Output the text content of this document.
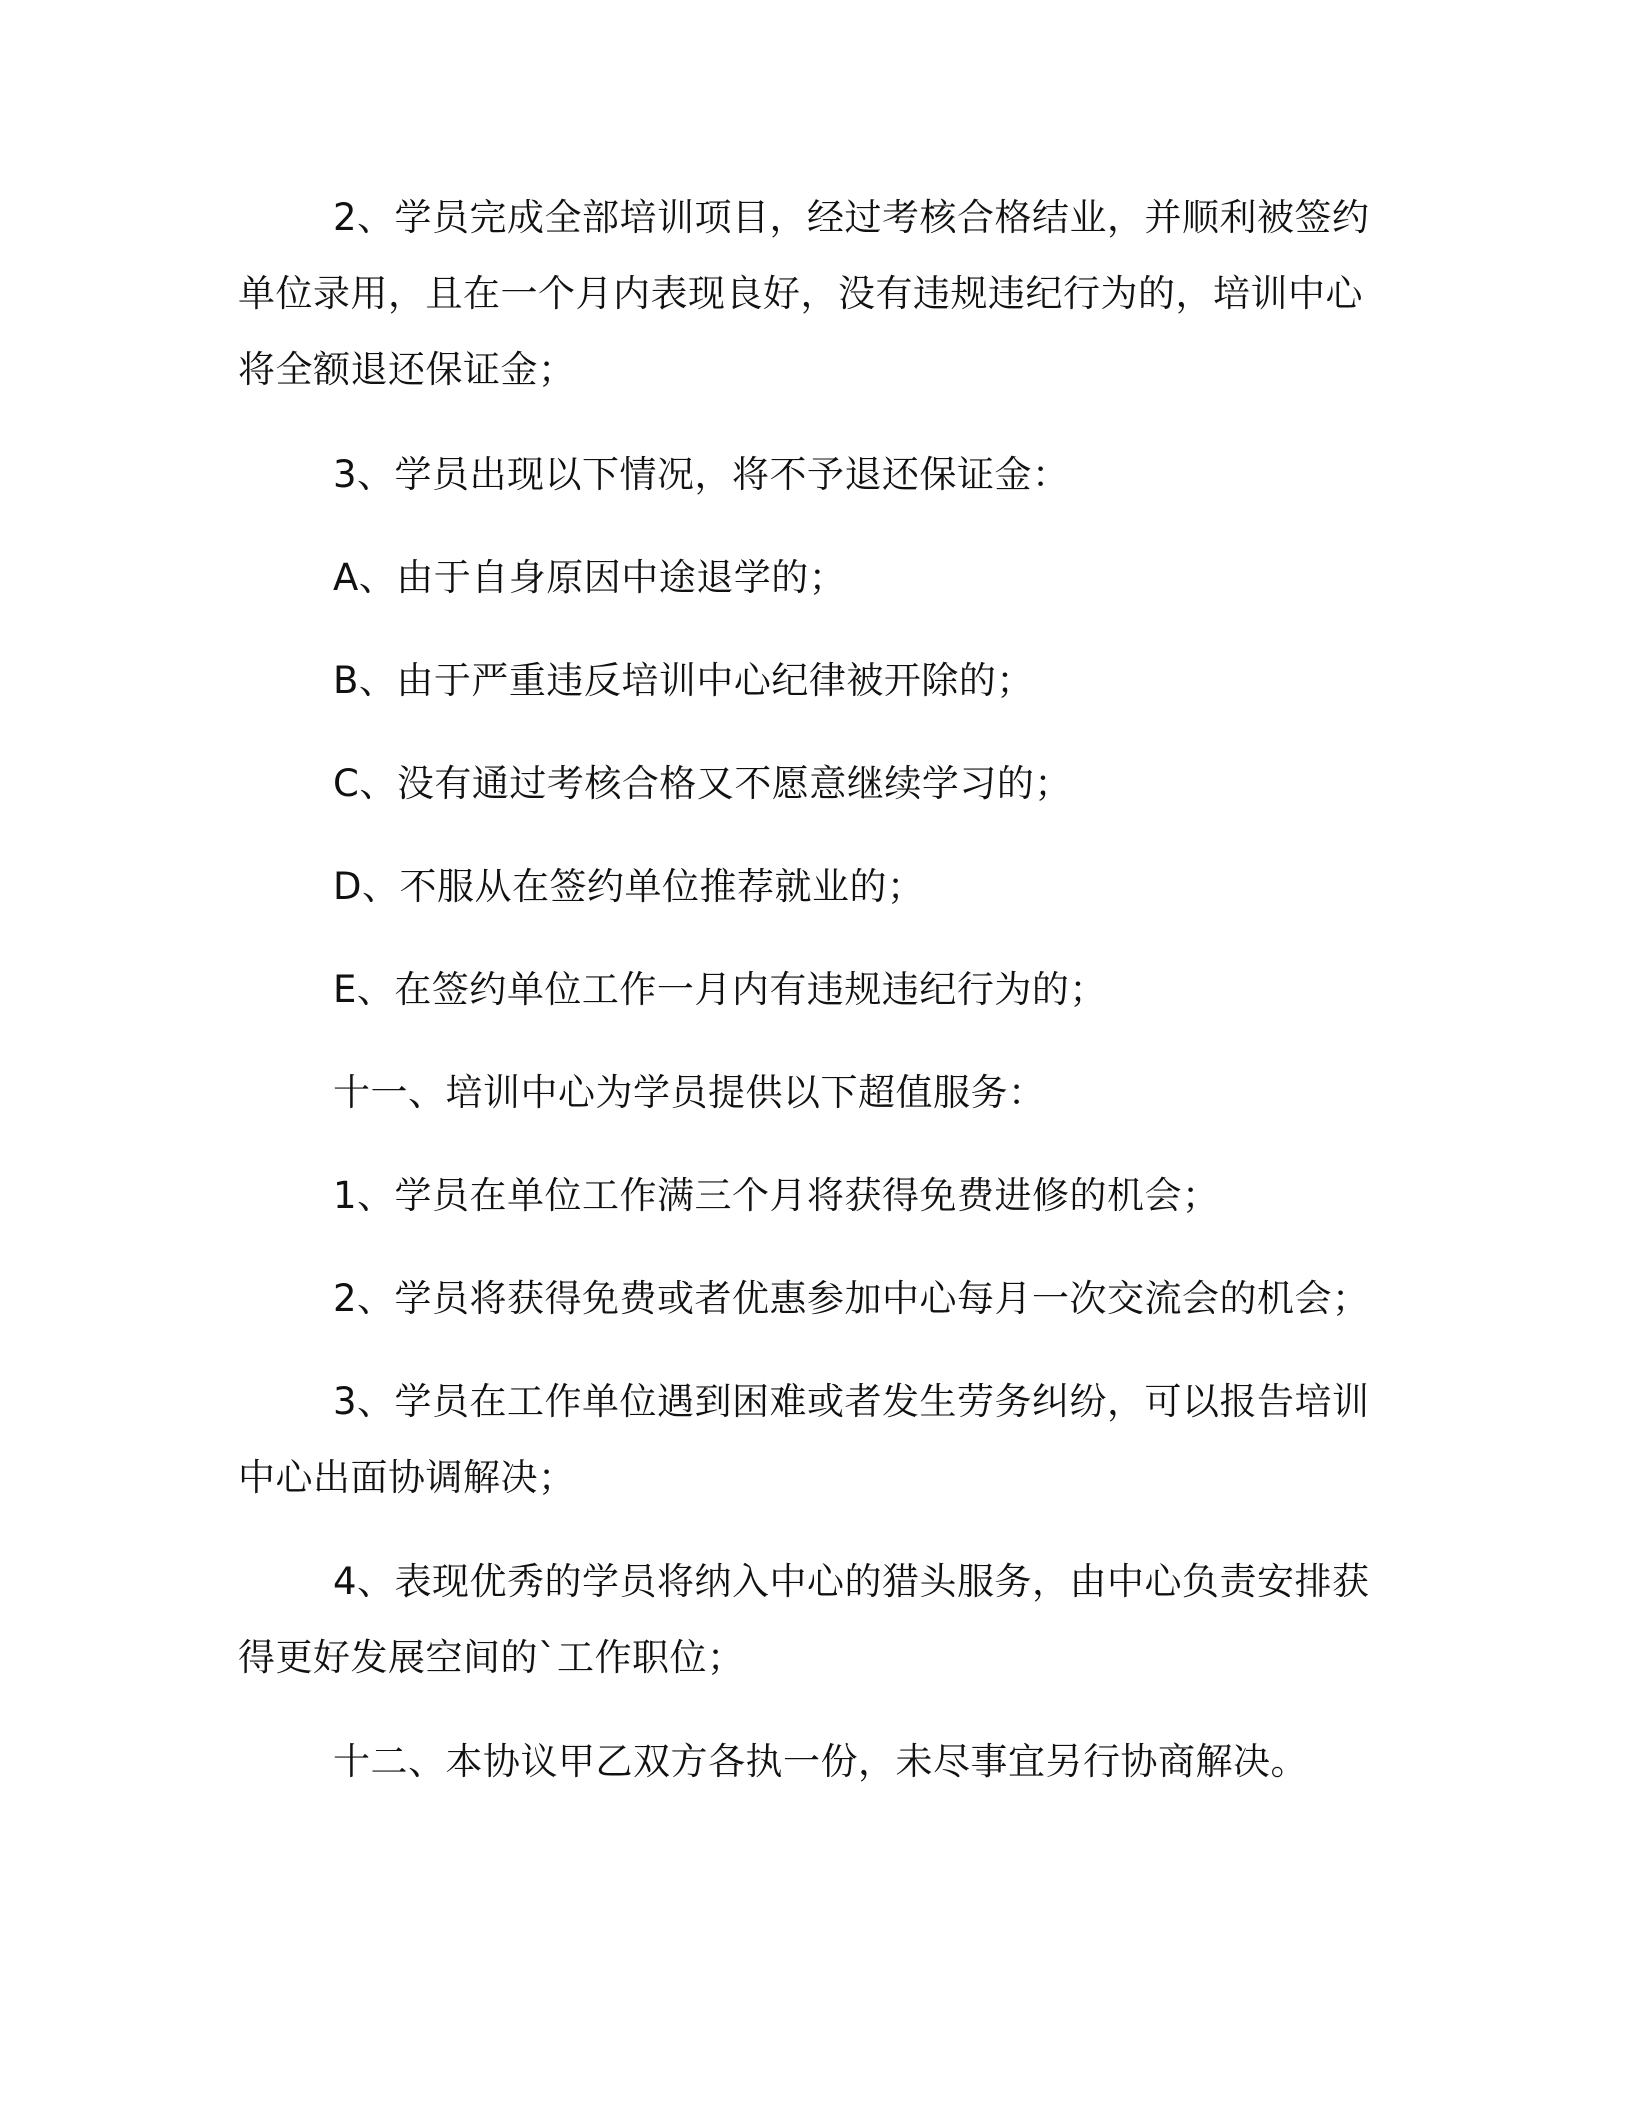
2、学员完成全部培训项目，经过考核合格结业，并顺利被签约
单位录用，且在一个月内表现良好，没有违规违纪行为的，培训中心
将全额退还保证金；
3、学员出现以下情况，将不予退还保证金：
A、由于自身原因中途退学的；
B、由于严重违反培训中心纪律被开除的；
C、没有通过考核合格又不愿意继续学习的；
D、不服从在签约单位推荐就业的；
E、在签约单位工作一月内有违规违纪行为的；
十一、培训中心为学员提供以下超值服务：
1、学员在单位工作满三个月将获得免费进修的机会；
2、学员将获得免费或者优惠参加中心每月一次交流会的机会；
3、学员在工作单位遇到困难或者发生劳务纠纷，可以报告培训
中心出面协调解决；
4、表现优秀的学员将纳入中心的猎头服务，由中心负责安排获
得更好发展空间的`工作职位；
十二、本协议甲乙双方各执一份，未尽事宜另行协商解决。
